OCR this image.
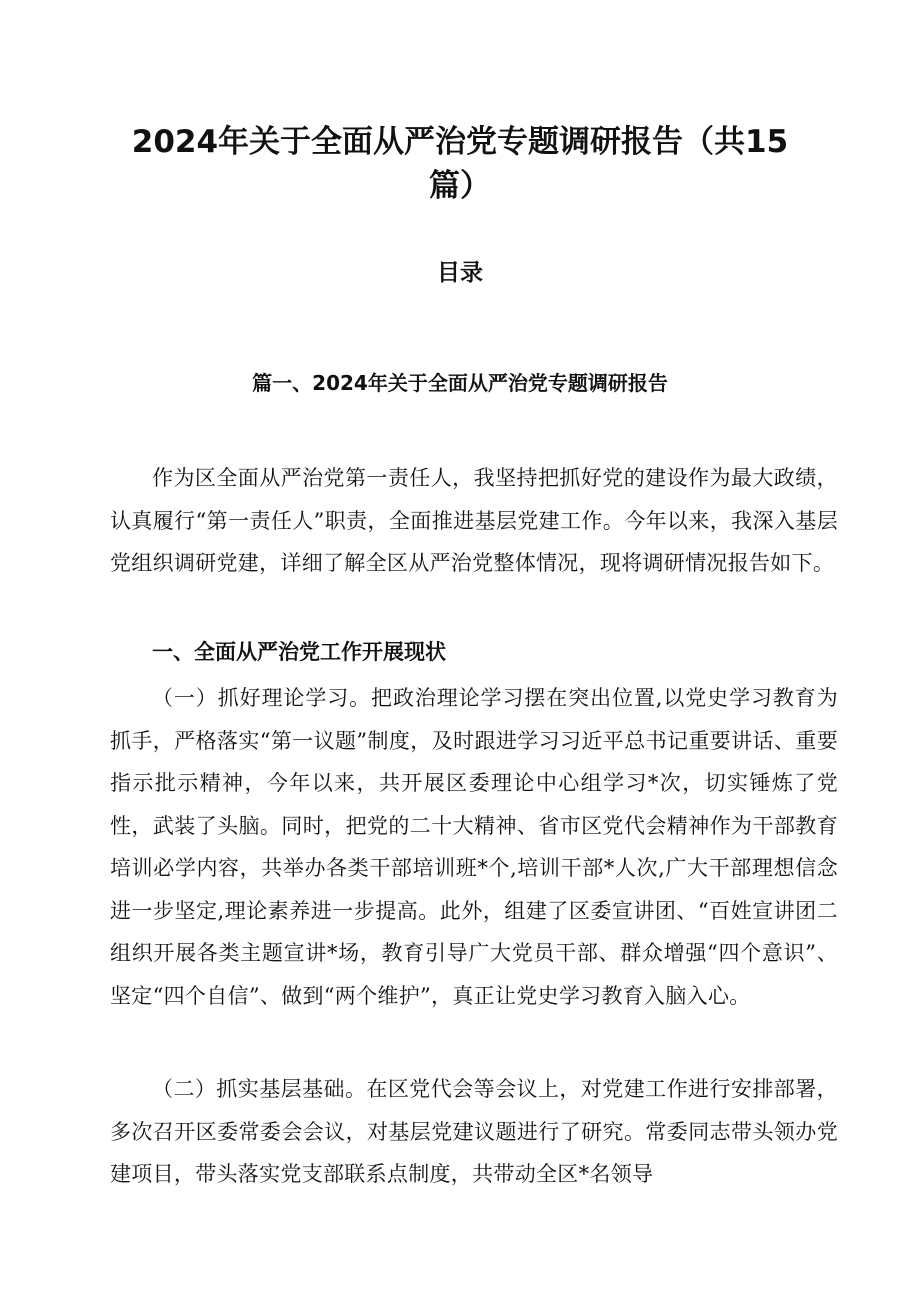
2024年关于全面从严治党专题调研报告（共15篇）
目录
篇一、2024年关于全面从严治党专题调研报告

作为区全面从严治党第一责任人，我坚持把抓好党的建设作为最大政绩，认真履行“第一责任人”职责，全面推进基层党建工作。今年以来，我深入基层党组织调研党建，详细了解全区从严治党整体情况，现将调研情况报告如下。

一、全面从严治党工作开展现状

（一）抓好理论学习。把政治理论学习摆在突出位置,以党史学习教育为抓手，严格落实“第一议题”制度，及时跟进学习习近平总书记重要讲话、重要指示批示精神，今年以来，共开展区委理论中心组学习*次，切实锤炼了党性，武装了头脑。同时，把党的二十大精神、省市区党代会精神作为干部教育培训必学内容，共举办各类干部培训班*个,培训干部*人次,广大干部理想信念进一步坚定,理论素养进一步提高。此外，组建了区委宣讲团、“百姓宣讲团二组织开展各类主题宣讲*场，教育引导广大党员干部、群众增强“四个意识”、坚定“四个自信”、做到“两个维护”，真正让党史学习教育入脑入心。

（二）抓实基层基础。在区党代会等会议上，对党建工作进行安排部署，多次召开区委常委会会议，对基层党建议题进行了研究。常委同志带头领办党建项目，带头落实党支部联系点制度，共带动全区*名领导
